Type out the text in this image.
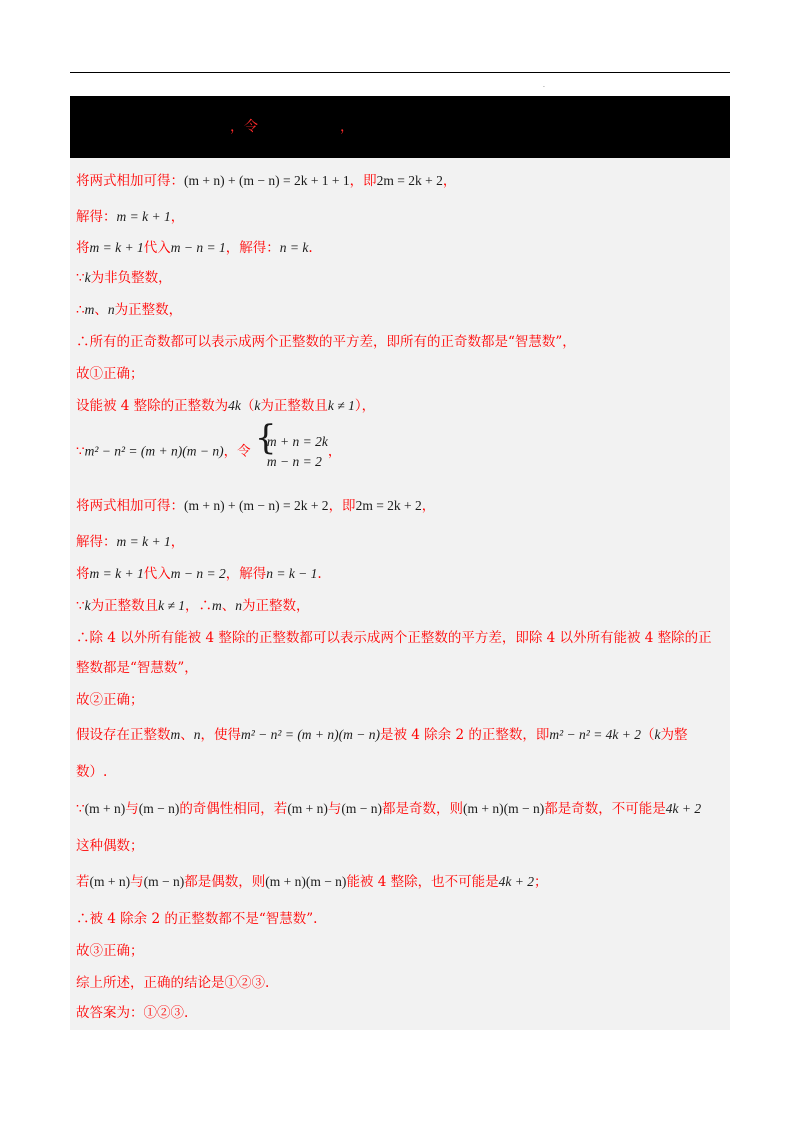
.
， 令	，
将两式相加可得：(m + n) + (m − n) = 2k + 1 + 1，即2m = 2k + 2，
解得：m = k + 1，
将m = k + 1代入m − n = 1，解得：n = k.
∵k为非负整数，
∴m、n为正整数，
∴所有的正奇数都可以表示成两个正整数的平方差，即所有的正奇数都是“智慧数”，
故①正确；
设能被 4 整除的正整数为4k（k为正整数且k ≠ 1），
∵m² − n² = (m + n)(m − n)，令 {
m + n = 2k
m − n = 2
，
将两式相加可得：(m + n) + (m − n) = 2k + 2，即2m = 2k + 2，
解得：m = k + 1，
将m = k + 1代入m − n = 2，解得n = k − 1.
∵k为正整数且k ≠ 1，∴m、n为正整数，
∴除 4 以外所有能被 4 整除的正整数都可以表示成两个正整数的平方差，即除 4 以外所有能被 4 整除的正
整数都是“智慧数”，
故②正确；
假设存在正整数m、n，使得m² − n² = (m + n)(m − n)是被 4 除余 2 的正整数，即m² − n² = 4k + 2（k为整
数）.
∵(m + n)与(m − n)的奇偶性相同，若(m + n)与(m − n)都是奇数，则(m + n)(m − n)都是奇数，不可能是4k + 2
这种偶数；
若(m + n)与(m − n)都是偶数，则(m + n)(m − n)能被 4 整除，也不可能是4k + 2；
∴被 4 除余 2 的正整数都不是“智慧数”.
故③正确；
综上所述，正确的结论是①②③.
故答案为：①②③.
